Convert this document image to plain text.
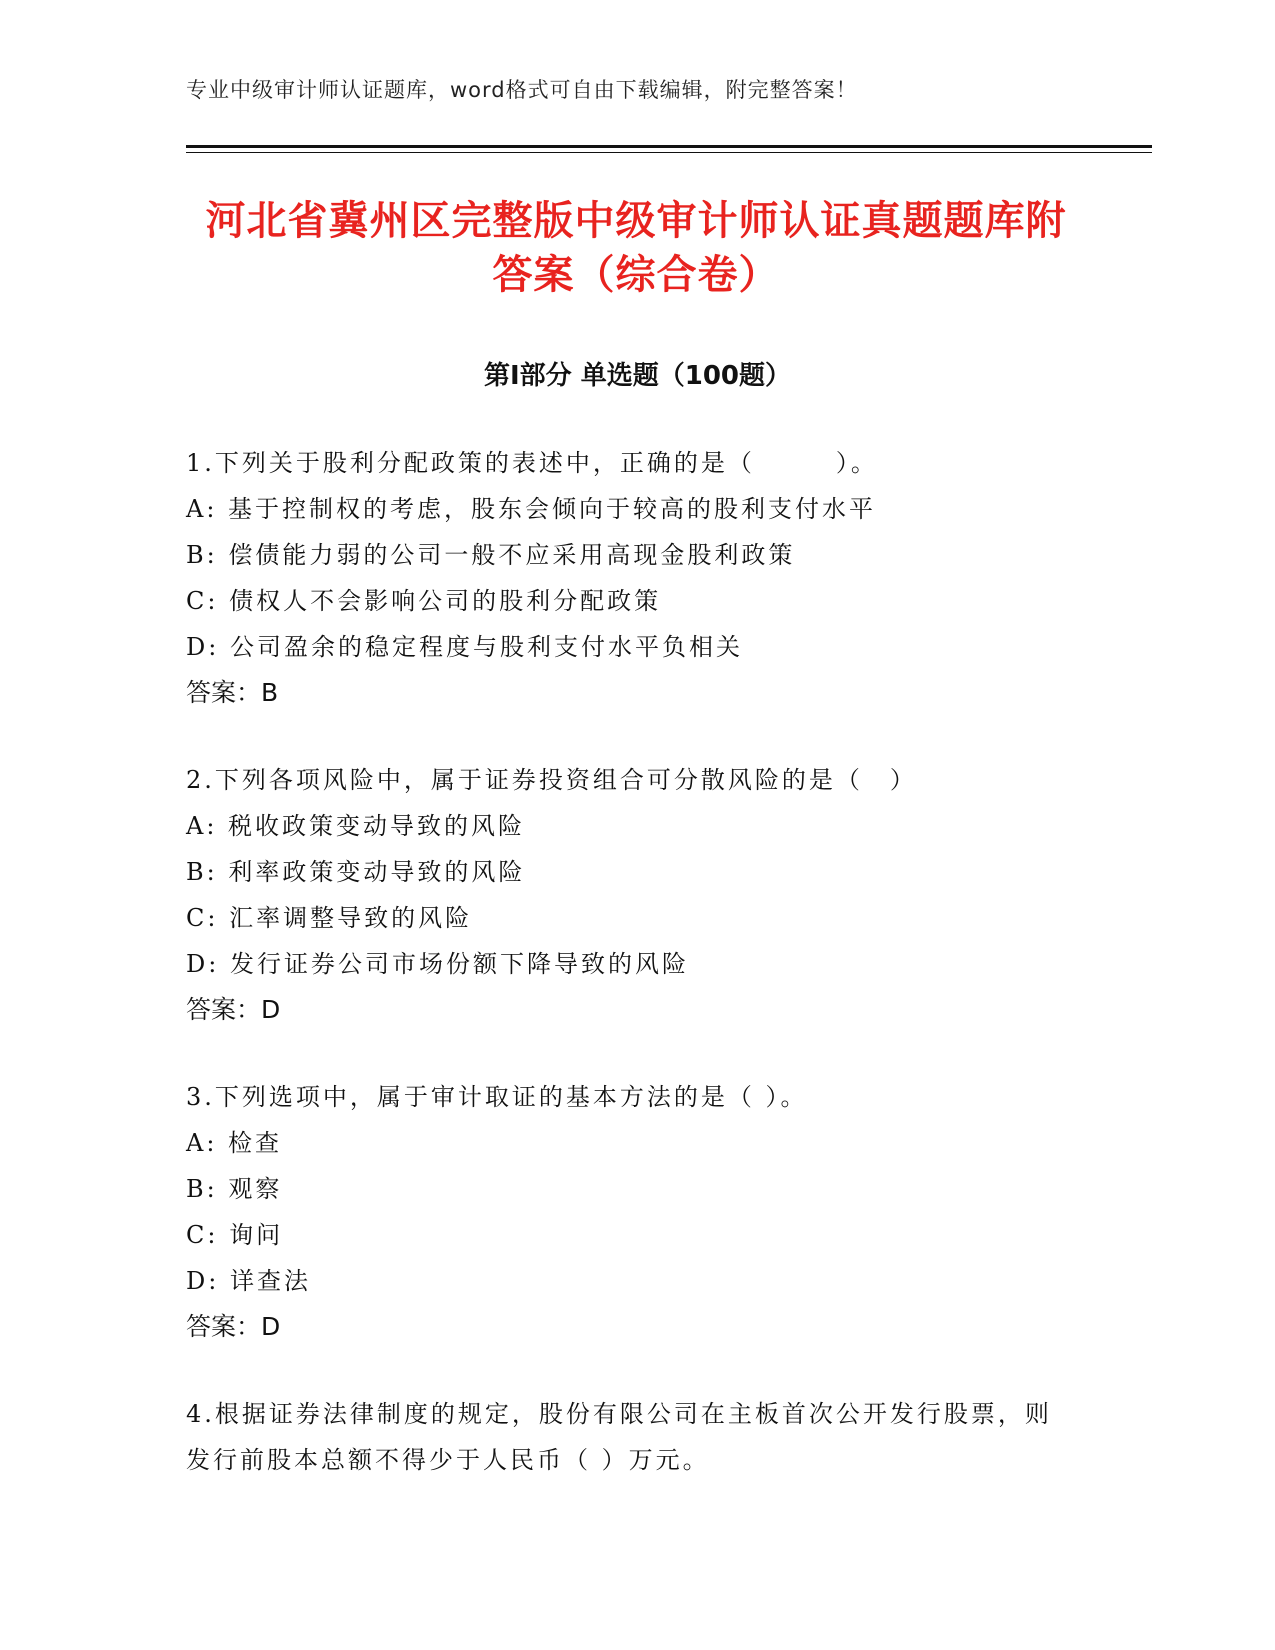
专业中级审计师认证题库，word格式可自由下载编辑，附完整答案！
河北省冀州区完整版中级审计师认证真题题库附答案（综合卷）
第Ⅰ部分 单选题（100题）
1.下列关于股利分配政策的表述中，正确的是（　　　）。
A: 基于控制权的考虑，股东会倾向于较高的股利支付水平
B: 偿债能力弱的公司一般不应采用高现金股利政策
C: 债权人不会影响公司的股利分配政策
D: 公司盈余的稳定程度与股利支付水平负相关
答案：B
2.下列各项风险中，属于证券投资组合可分散风险的是（　）
A: 税收政策变动导致的风险
B: 利率政策变动导致的风险
C: 汇率调整导致的风险
D: 发行证券公司市场份额下降导致的风险
答案：D
3.下列选项中，属于审计取证的基本方法的是（ ）。
A: 检查
B: 观察
C: 询问
D: 详查法
答案：D
4.根据证券法律制度的规定，股份有限公司在主板首次公开发行股票，则发行前股本总额不得少于人民币（ ）万元。
